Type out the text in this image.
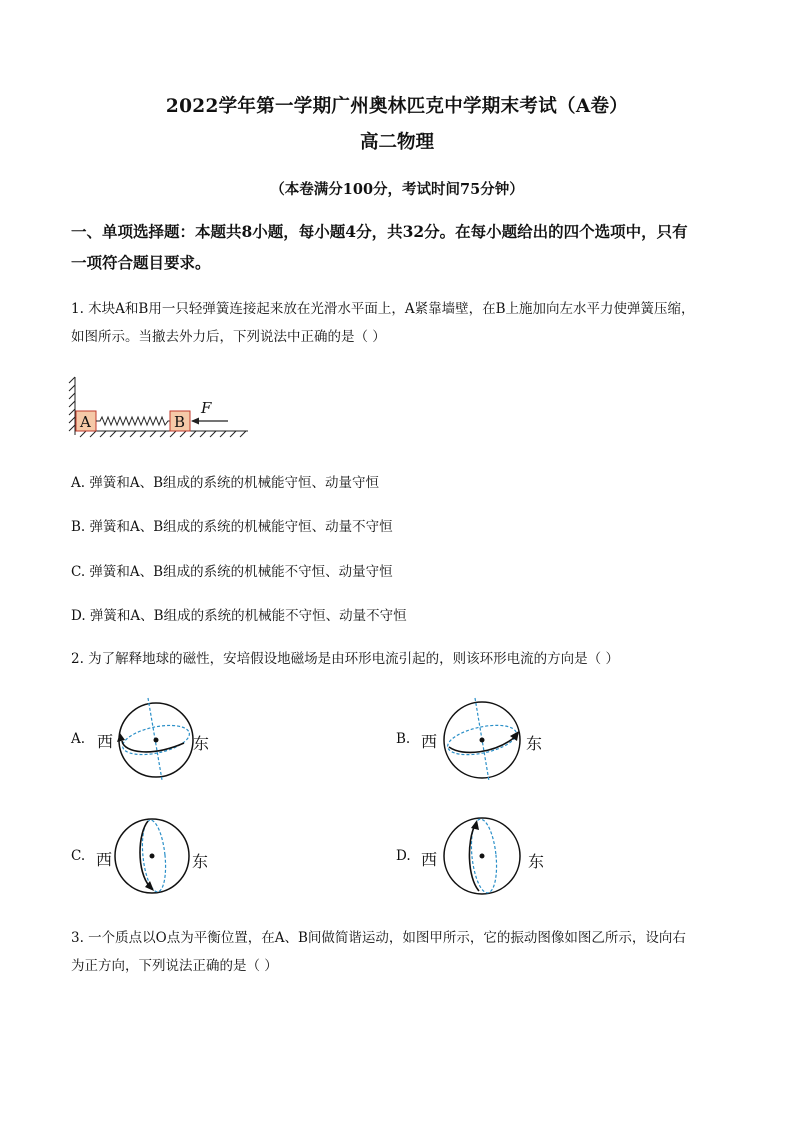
2022学年第一学期广州奥林匹克中学期末考试（A卷）
高二物理
（本卷满分100分，考试时间75分钟）
一、单项选择题：本题共8小题，每小题4分，共32分。在每小题给出的四个选项中，只有
一项符合题目要求。
1. 木块A和B用一只轻弹簧连接起来放在光滑水平面上，A紧靠墙壁，在B上施加向左水平力使弹簧压缩，
如图所示。当撤去外力后，下列说法中正确的是（ ）
A	B
F
A. 弹簧和A、B组成的系统的机械能守恒、动量守恒
B. 弹簧和A、B组成的系统的机械能守恒、动量不守恒
C. 弹簧和A、B组成的系统的机械能不守恒、动量守恒
D. 弹簧和A、B组成的系统的机械能不守恒、动量不守恒
2. 为了解释地球的磁性，安培假设地磁场是由环形电流引起的，则该环形电流的方向是（ ）
A. 西	东	B. 西	东
C. 西	东	D. 西	东
3. 一个质点以O点为平衡位置，在A、B间做简谐运动，如图甲所示，它的振动图像如图乙所示，设向右
为正方向，下列说法正确的是（ ）
